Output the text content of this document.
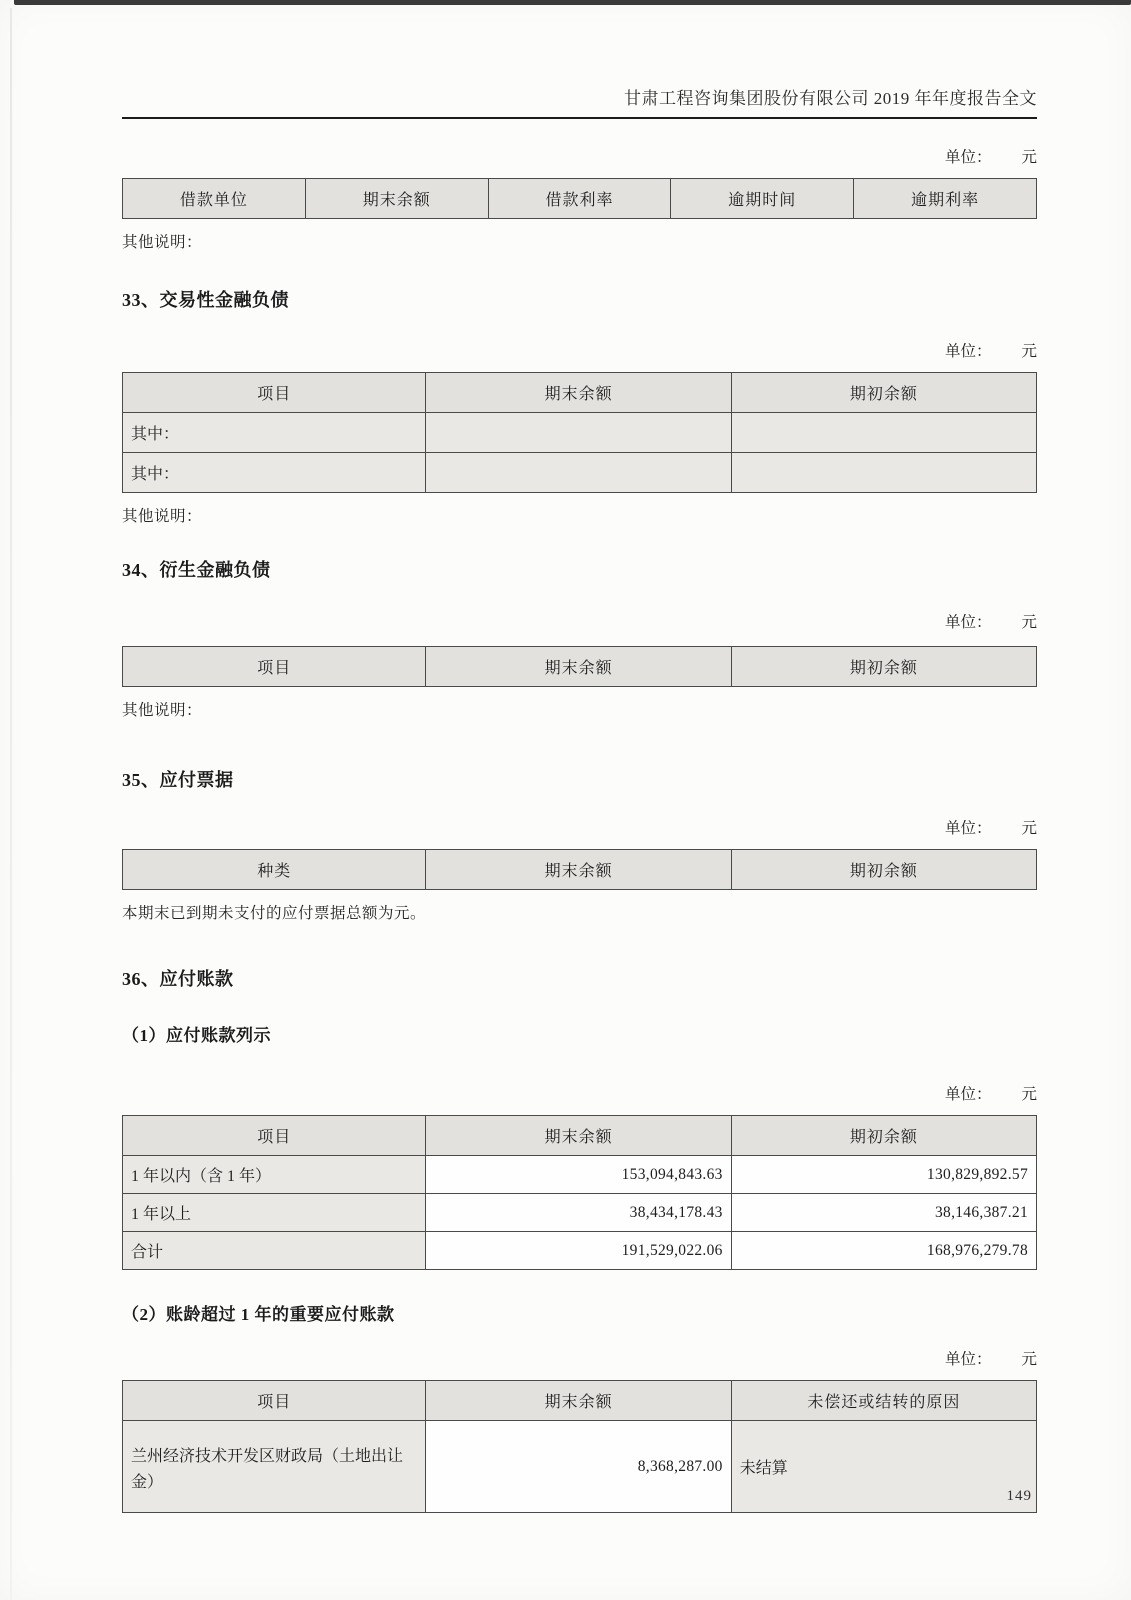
甘肃工程咨询集团股份有限公司 2019 年年度报告全文
单位： 元
借款单位	期末余额	借款利率	逾期时间	逾期利率
其他说明：
33、交易性金融负债
单位： 元
项目	期末余额	期初余额
其中：		
其中：		
其他说明：
34、衍生金融负债
单位： 元
项目	期末余额	期初余额
其他说明：
35、应付票据
单位： 元
种类	期末余额	期初余额
本期末已到期未支付的应付票据总额为元。
36、应付账款
（1）应付账款列示
单位： 元
项目	期末余额	期初余额
1 年以内（含 1 年）	153,094,843.63	130,829,892.57
1 年以上	38,434,178.43	38,146,387.21
合计	191,529,022.06	168,976,279.78
（2）账龄超过 1 年的重要应付账款
单位： 元
项目	期末余额	未偿还或结转的原因
兰州经济技术开发区财政局（土地出让金）	8,368,287.00	未结算
149
